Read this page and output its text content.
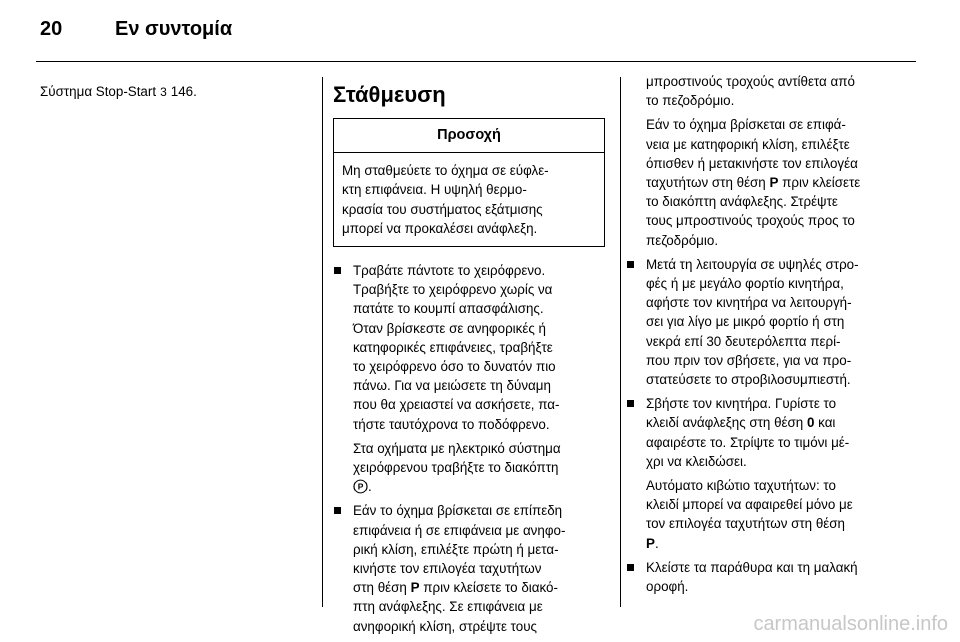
20	Εν συντομία

Σύστημα Stop-Start 3 146.	Στάθμευση
Προσοχή
Μη σταθμεύετε το όχημα σε εύφλε-
κτη επιφάνεια. Η υψηλή θερμο-
κρασία του συστήματος εξάτμισης
μπορεί να προκαλέσει ανάφλεξη.
Τραβάτε πάντοτε το χειρόφρενο.
Τραβήξτε το χειρόφρενο χωρίς να
πατάτε το κουμπί απασφάλισης.
Όταν βρίσκεστε σε ανηφορικές ή
κατηφορικές επιφάνειες, τραβήξτε
το χειρόφρενο όσο το δυνατόν πιο
πάνω. Για να μειώσετε τη δύναμη
που θα χρειαστεί να ασκήσετε, πα-
τήστε ταυτόχρονα το ποδόφρενο.
Στα οχήματα με ηλεκτρικό σύστημα
χειρόφρενου τραβήξτε το διακόπτη
P .
Εάν το όχημα βρίσκεται σε επίπεδη
επιφάνεια ή σε επιφάνεια με ανηφο-
ρική κλίση, επιλέξτε πρώτη ή μετα-
κινήστε τον επιλογέα ταχυτήτων
στη θέση P πριν κλείσετε το διακό-
πτη ανάφλεξης. Σε επιφάνεια με
ανηφορική κλίση, στρέψτε τους
μπροστινούς τροχούς αντίθετα από
το πεζοδρόμιο.
Εάν το όχημα βρίσκεται σε επιφά-
νεια με κατηφορική κλίση, επιλέξτε
όπισθεν ή μετακινήστε τον επιλογέα
ταχυτήτων στη θέση P πριν κλείσετε
το διακόπτη ανάφλεξης. Στρέψτε
τους μπροστινούς τροχούς προς το
πεζοδρόμιο.
Μετά τη λειτουργία σε υψηλές στρο-
φές ή με μεγάλο φορτίο κινητήρα,
αφήστε τον κινητήρα να λειτουργή-
σει για λίγο με μικρό φορτίο ή στη
νεκρά επί 30 δευτερόλεπτα περί-
που πριν τον σβήσετε, για να προ-
στατεύσετε το στροβιλοσυμπιεστή.
Σβήστε τον κινητήρα. Γυρίστε το
κλειδί ανάφλεξης στη θέση 0 και
αφαιρέστε το. Στρίψτε το τιμόνι μέ-
χρι να κλειδώσει.
Αυτόματο κιβώτιο ταχυτήτων: το
κλειδί μπορεί να αφαιρεθεί μόνο με
τον επιλογέα ταχυτήτων στη θέση
P.
Κλείστε τα παράθυρα και τη μαλακή
οροφή.
carmanualsonline.info
